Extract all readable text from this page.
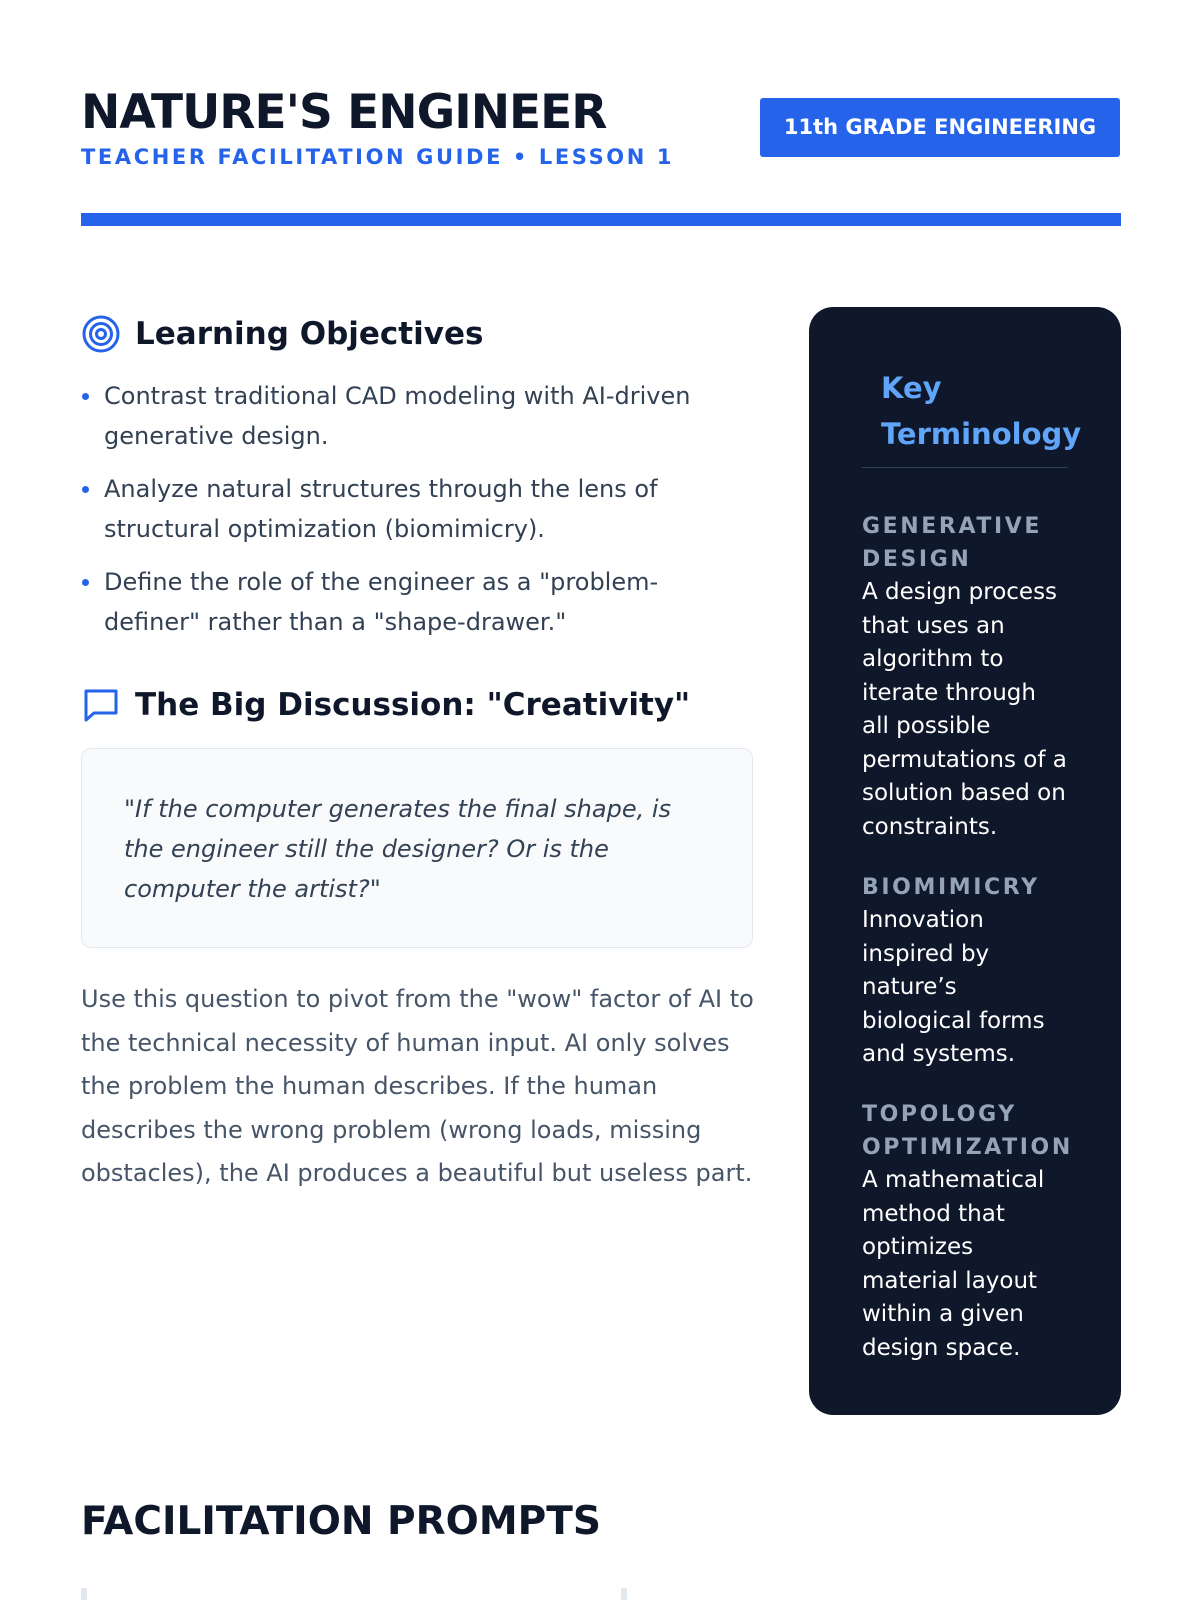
NATURE'S ENGINEER
TEACHER FACILITATION GUIDE • LESSON 1
11th GRADE ENGINEERING
Learning Objectives
Contrast traditional CAD modeling with AI-driven generative design.
Analyze natural structures through the lens of structural optimization (biomimicry).
Define the role of the engineer as a "problem-definer" rather than a "shape-drawer."
The Big Discussion: "Creativity"

"If the computer generates the final shape, is the engineer still the designer? Or is the computer the artist?"

Use this question to pivot from the "wow" factor of AI to the technical necessity of human input. AI only solves the problem the human describes. If the human describes the wrong problem (wrong loads, missing obstacles), the AI produces a beautiful but useless part.

Key Terminology
GENERATIVE DESIGN
A design process that uses an algorithm to iterate through all possible permutations of a solution based on constraints.
BIOMIMICRY
Innovation inspired by nature’s biological forms and systems.
TOPOLOGY OPTIMIZATION
A mathematical method that optimizes material layout within a given design space.
FACILITATION PROMPTS
